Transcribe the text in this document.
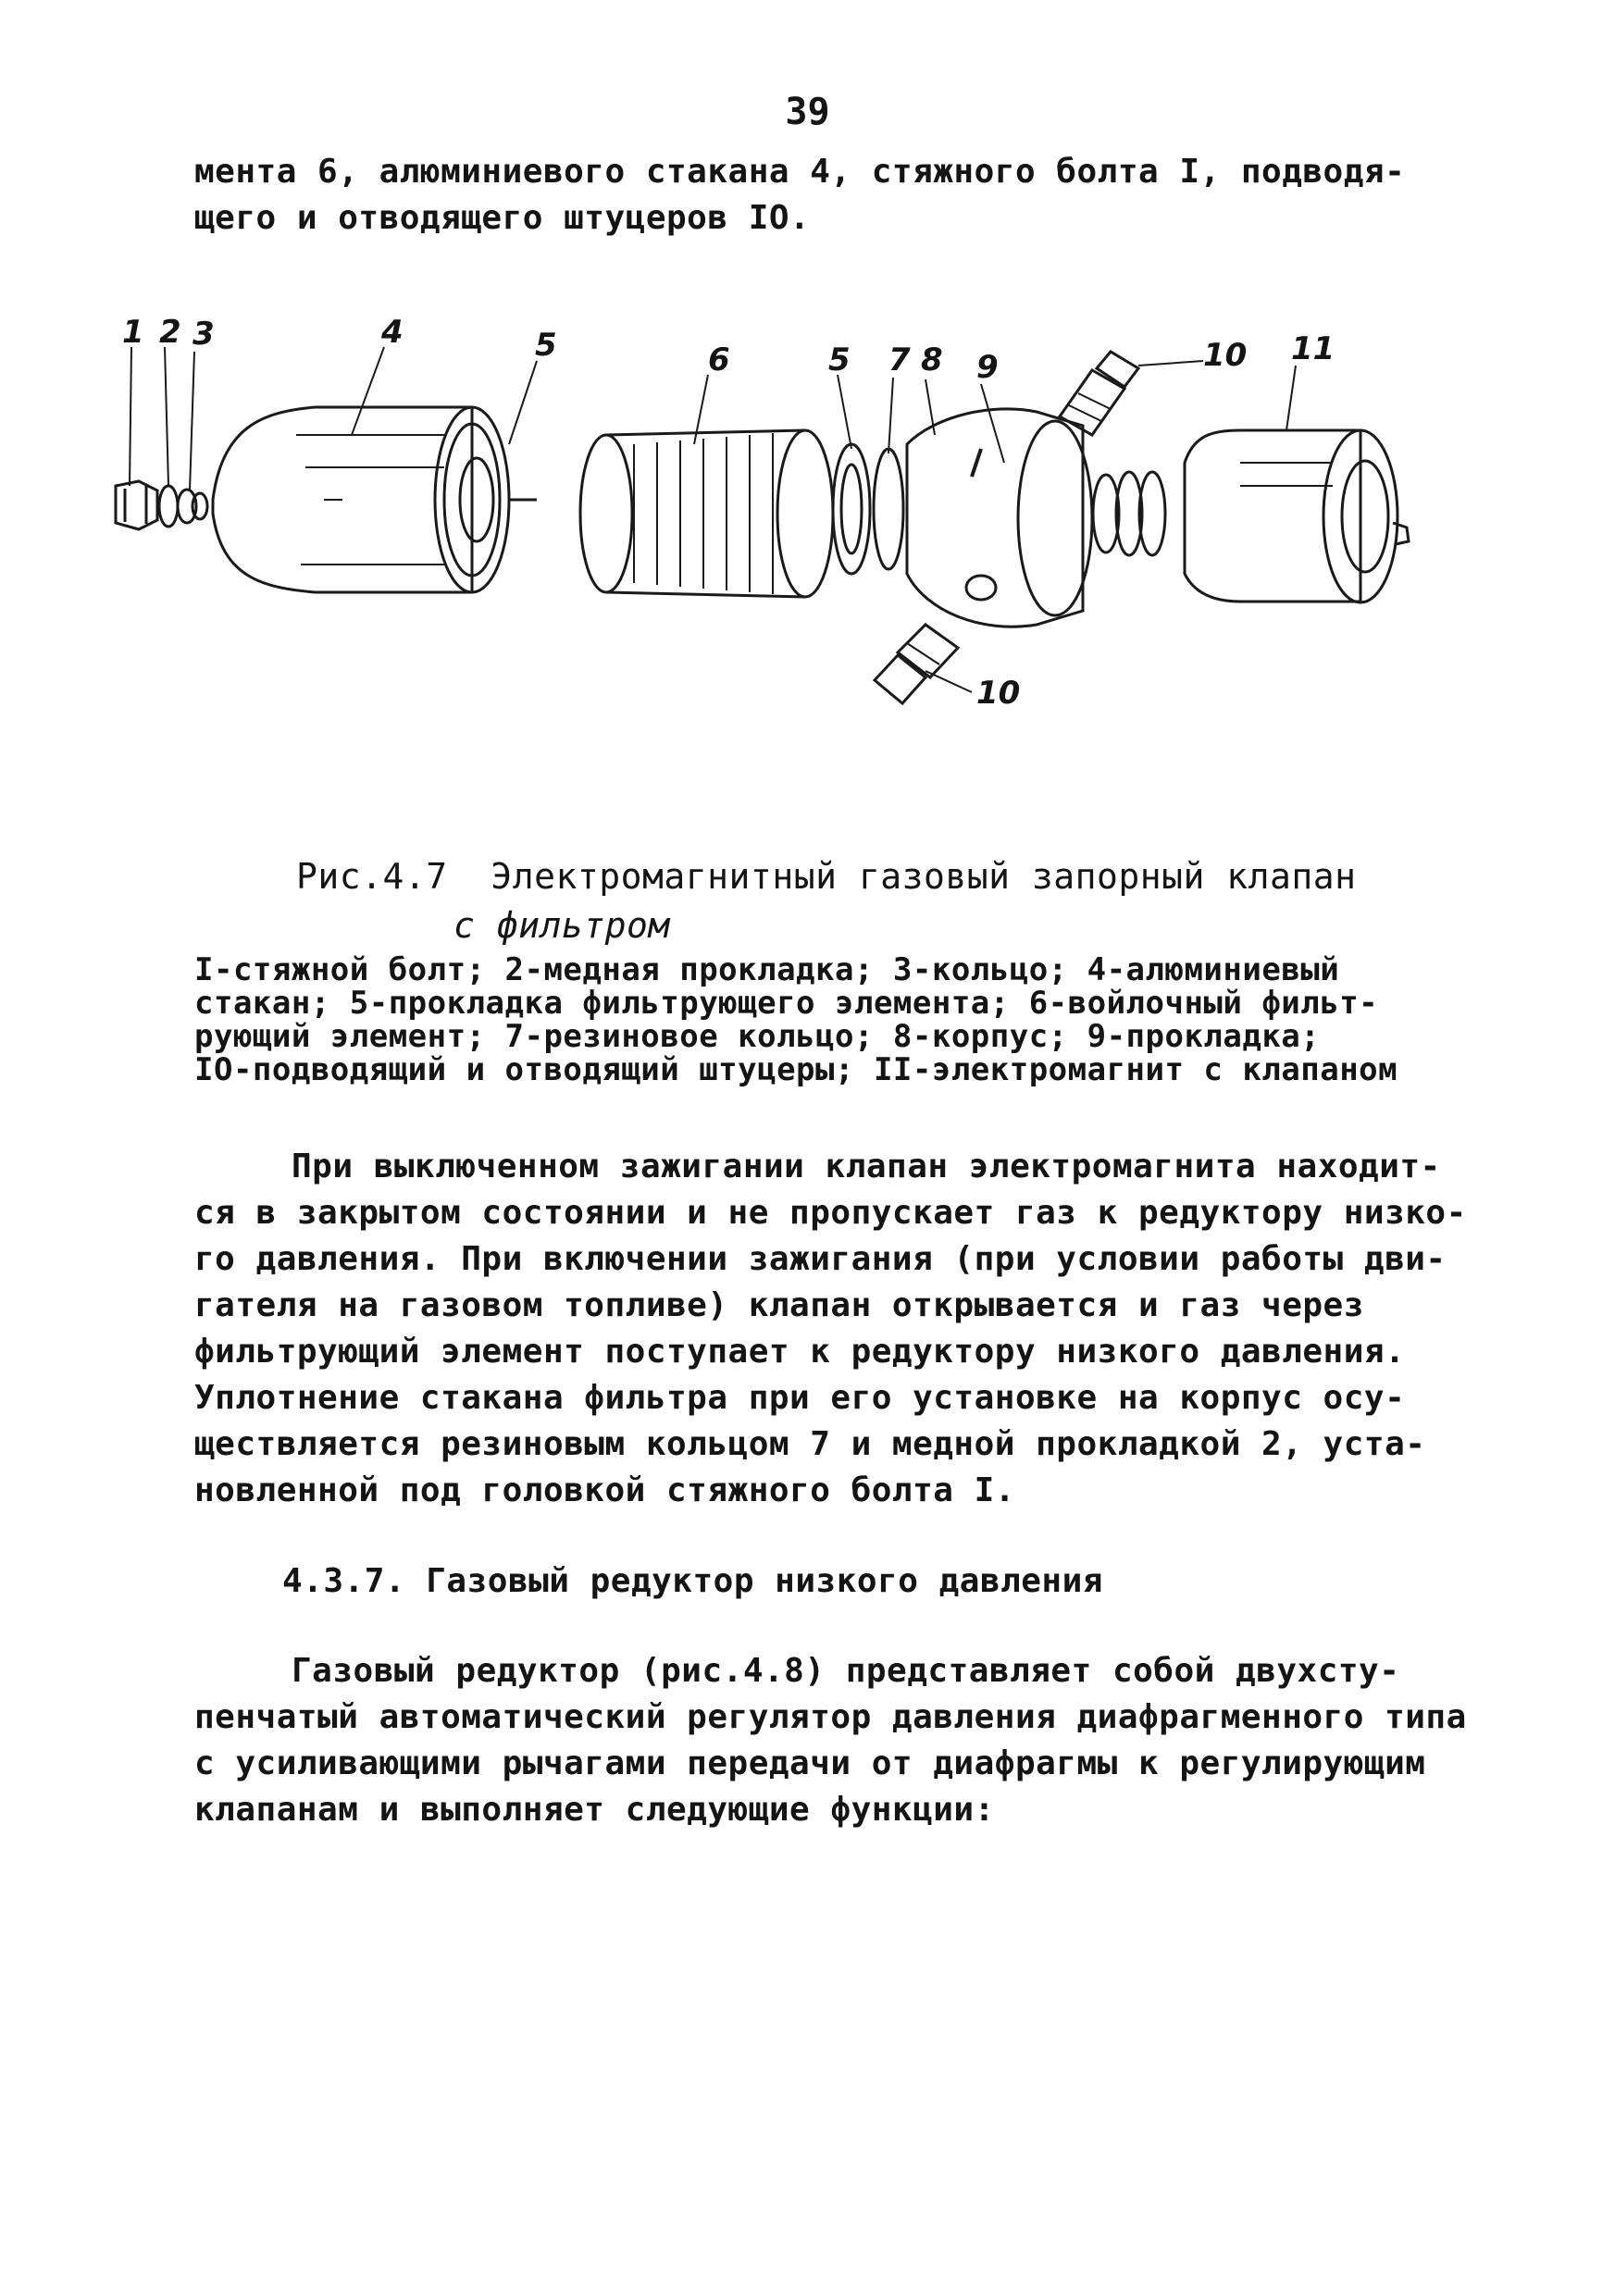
39
мента 6, алюминиевого стакана 4, стяжного болта I, подводя-
щего и отводящего штуцеров IO.
1 2 3	4	5	6	5 7 8 9	10 11
10
Рис.4.7  Электромагнитный газовый запорный клапан
с фильтром
I-стяжной болт; 2-медная прокладка; 3-кольцо; 4-алюминиевый
стакан; 5-прокладка фильтрующего элемента; 6-войлочный фильт-
рующий элемент; 7-резиновое кольцо; 8-корпус; 9-прокладка;
IO-подводящий и отводящий штуцеры; II-электромагнит с клапаном
При выключенном зажигании клапан электромагнита находит-
ся в закрытом состоянии и не пропускает газ к редуктору низко-
го давления. При включении зажигания (при условии работы дви-
гателя на газовом топливе) клапан открывается и газ через
фильтрующий элемент поступает к редуктору низкого давления.
Уплотнение стакана фильтра при его установке на корпус осу-
ществляется резиновым кольцом 7 и медной прокладкой 2, уста-
новленной под головкой стяжного болта I.
4.3.7. Газовый редуктор низкого давления
Газовый редуктор (рис.4.8) представляет собой двухсту-
пенчатый автоматический регулятор давления диафрагменного типа
с усиливающими рычагами передачи от диафрагмы к регулирующим
клапанам и выполняет следующие функции:
